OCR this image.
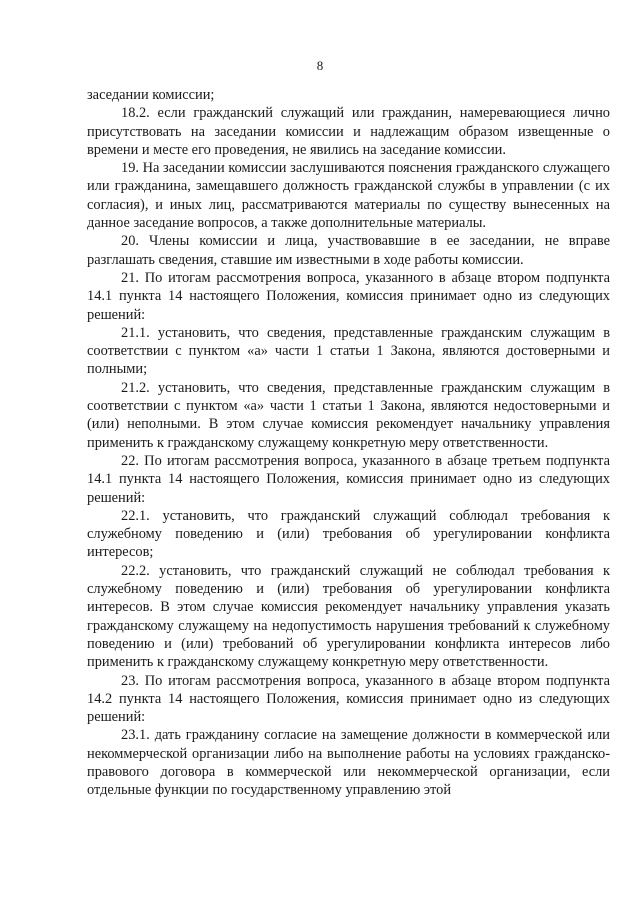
8

заседании комиссии;

18.2. если гражданский служащий или гражданин, намеревающиеся лично присутствовать на заседании комиссии и надлежащим образом извещенные о времени и месте его проведения, не явились на заседание комиссии.

19. На заседании комиссии заслушиваются пояснения гражданского служащего или гражданина, замещавшего должность гражданской службы в управлении (с их согласия), и иных лиц, рассматриваются материалы по существу вынесенных на данное заседание вопросов, а также дополнительные материалы.

20. Члены комиссии и лица, участвовавшие в ее заседании, не вправе разглашать сведения, ставшие им известными в ходе работы комиссии.

21. По итогам рассмотрения вопроса, указанного в абзаце втором подпункта 14.1 пункта 14 настоящего Положения, комиссия принимает одно из следующих решений:

21.1. установить, что сведения, представленные гражданским служащим в соответствии с пунктом «а» части 1 статьи 1 Закона, являются достоверными и полными;

21.2. установить, что сведения, представленные гражданским служащим в соответствии с пунктом «а» части 1 статьи 1 Закона, являются недостоверными и (или) неполными. В этом случае комиссия рекомендует начальнику управления применить к гражданскому служащему конкретную меру ответственности.

22. По итогам рассмотрения вопроса, указанного в абзаце третьем подпункта 14.1 пункта 14 настоящего Положения, комиссия принимает одно из следующих решений:

22.1. установить, что гражданский служащий соблюдал требования к служебному поведению и (или) требования об урегулировании конфликта интересов;

22.2. установить, что гражданский служащий не соблюдал требования к служебному поведению и (или) требования об урегулировании конфликта интересов. В этом случае комиссия рекомендует начальнику управления указать гражданскому служащему на недопустимость нарушения требований к служебному поведению и (или) требований об урегулировании конфликта интересов либо применить к гражданскому служащему конкретную меру ответственности.

23. По итогам рассмотрения вопроса, указанного в абзаце втором подпункта 14.2 пункта 14 настоящего Положения, комиссия принимает одно из следующих решений:

23.1. дать гражданину согласие на замещение должности в коммерческой или некоммерческой организации либо на выполнение работы на условиях гражданско-правового договора в коммерческой или некоммерческой организации, если отдельные функции по государственному управлению этой
